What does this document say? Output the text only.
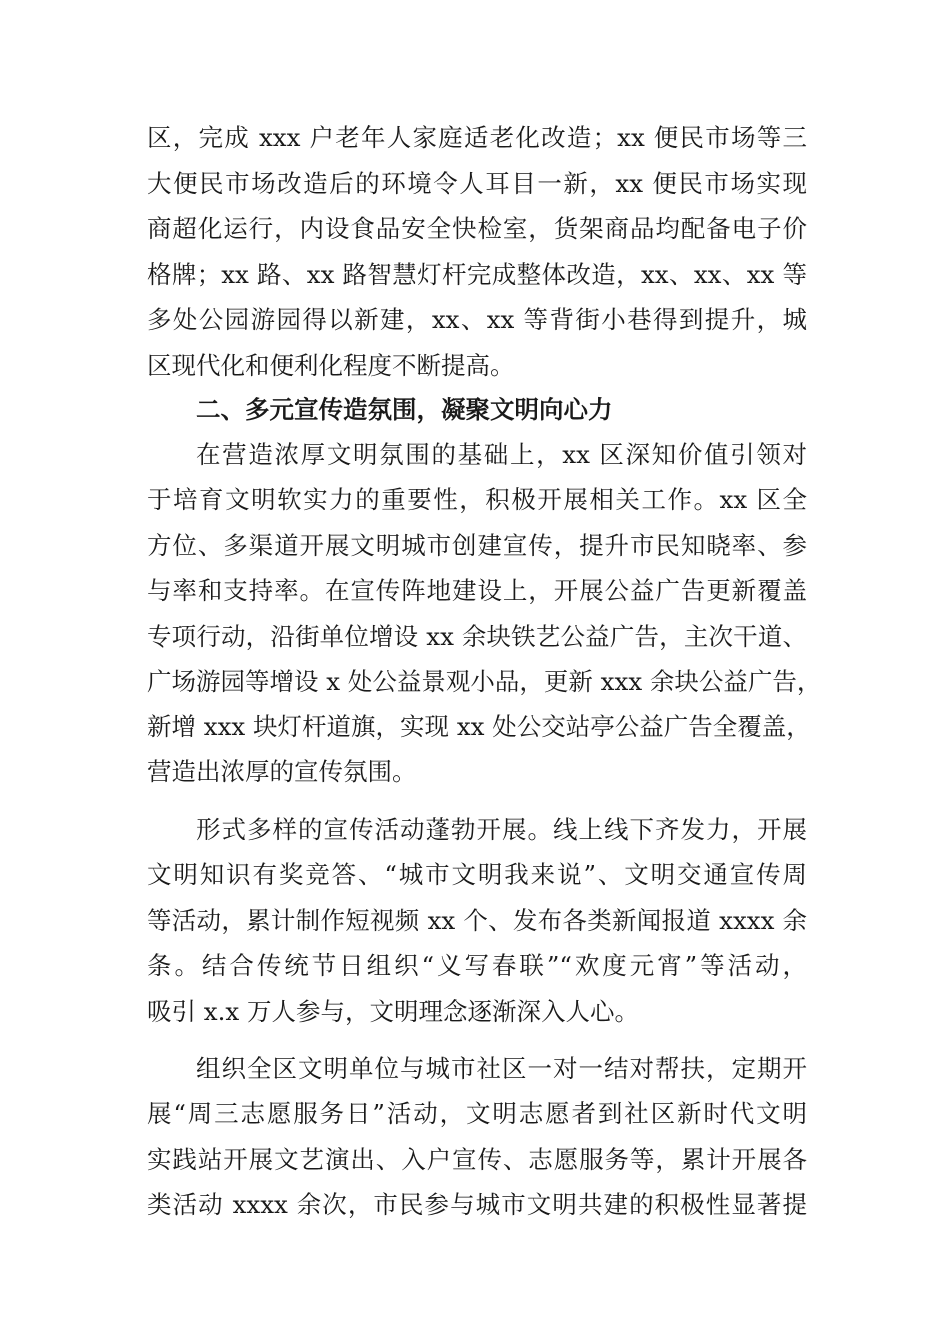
区，完成 xxx 户老年人家庭适老化改造；xx 便民市场等三
大便民市场改造后的环境令人耳目一新，xx 便民市场实现
商超化运行，内设食品安全快检室，货架商品均配备电子价
格牌；xx 路、xx 路智慧灯杆完成整体改造，xx、xx、xx 等
多处公园游园得以新建，xx、xx 等背街小巷得到提升，城
区现代化和便利化程度不断提高。
二、多元宣传造氛围，凝聚文明向心力
在营造浓厚文明氛围的基础上，xx 区深知价值引领对
于培育文明软实力的重要性，积极开展相关工作。xx 区全
方位、多渠道开展文明城市创建宣传，提升市民知晓率、参
与率和支持率。在宣传阵地建设上，开展公益广告更新覆盖
专项行动，沿街单位增设 xx 余块铁艺公益广告，主次干道、
广场游园等增设 x 处公益景观小品，更新 xxx 余块公益广告，
新增 xxx 块灯杆道旗，实现 xx 处公交站亭公益广告全覆盖，
营造出浓厚的宣传氛围。
形式多样的宣传活动蓬勃开展。线上线下齐发力，开展
文明知识有奖竞答、“城市文明我来说”、文明交通宣传周
等活动，累计制作短视频 xx 个、发布各类新闻报道 xxxx 余
条。结合传统节日组织“义写春联”“欢度元宵”等活动，
吸引 x.x 万人参与，文明理念逐渐深入人心。
组织全区文明单位与城市社区一对一结对帮扶，定期开
展“周三志愿服务日”活动，文明志愿者到社区新时代文明
实践站开展文艺演出、入户宣传、志愿服务等，累计开展各
类活动 xxxx 余次，市民参与城市文明共建的积极性显著提
